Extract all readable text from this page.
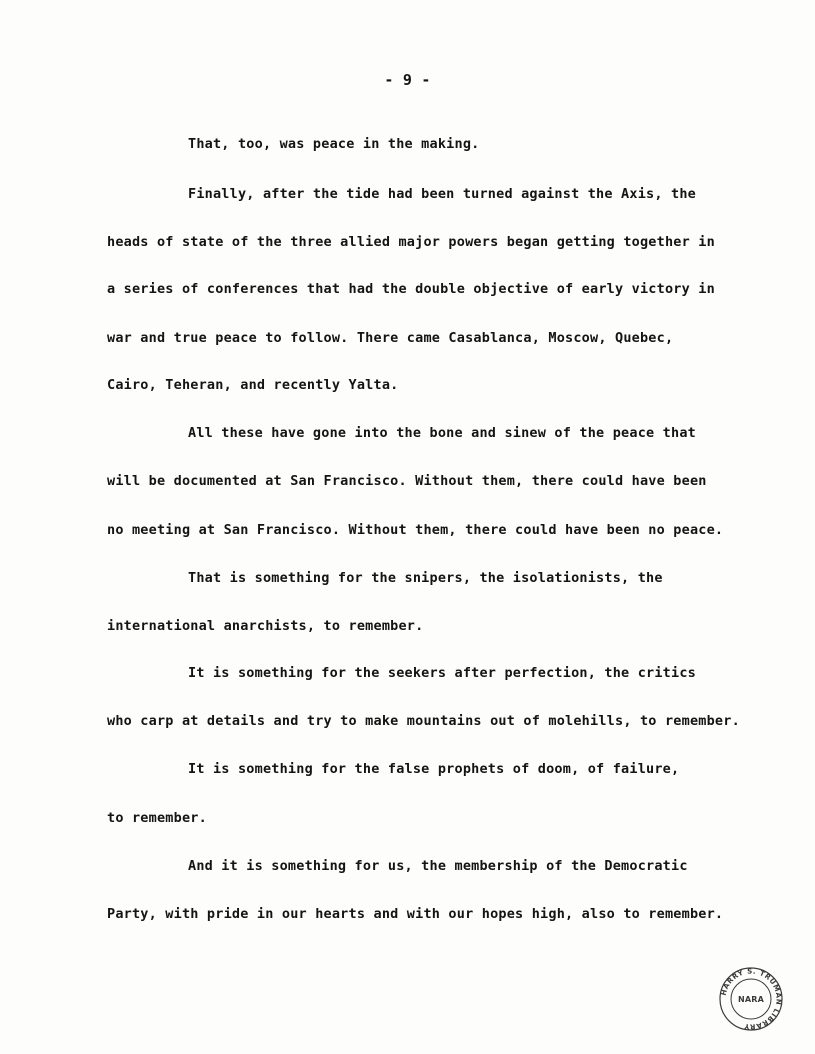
- 9 -
That, too, was peace in the making.
Finally, after the tide had been turned against the Axis, the
heads of state of the three allied major powers began getting together in
a series of conferences that had the double objective of early victory in
war and true peace to follow. There came Casablanca, Moscow, Quebec,
Cairo, Teheran, and recently Yalta.
All these have gone into the bone and sinew of the peace that
will be documented at San Francisco. Without them, there could have been
no meeting at San Francisco. Without them, there could have been no peace.
That is something for the snipers, the isolationists, the
international anarchists, to remember.
It is something for the seekers after perfection, the critics
who carp at details and try to make mountains out of molehills, to remember.
It is something for the false prophets of doom, of failure,
to remember.
And it is something for us, the membership of the Democratic
Party, with pride in our hearts and with our hopes high, also to remember.
HARRY S. TRUMAN LIBRARY
NARA
